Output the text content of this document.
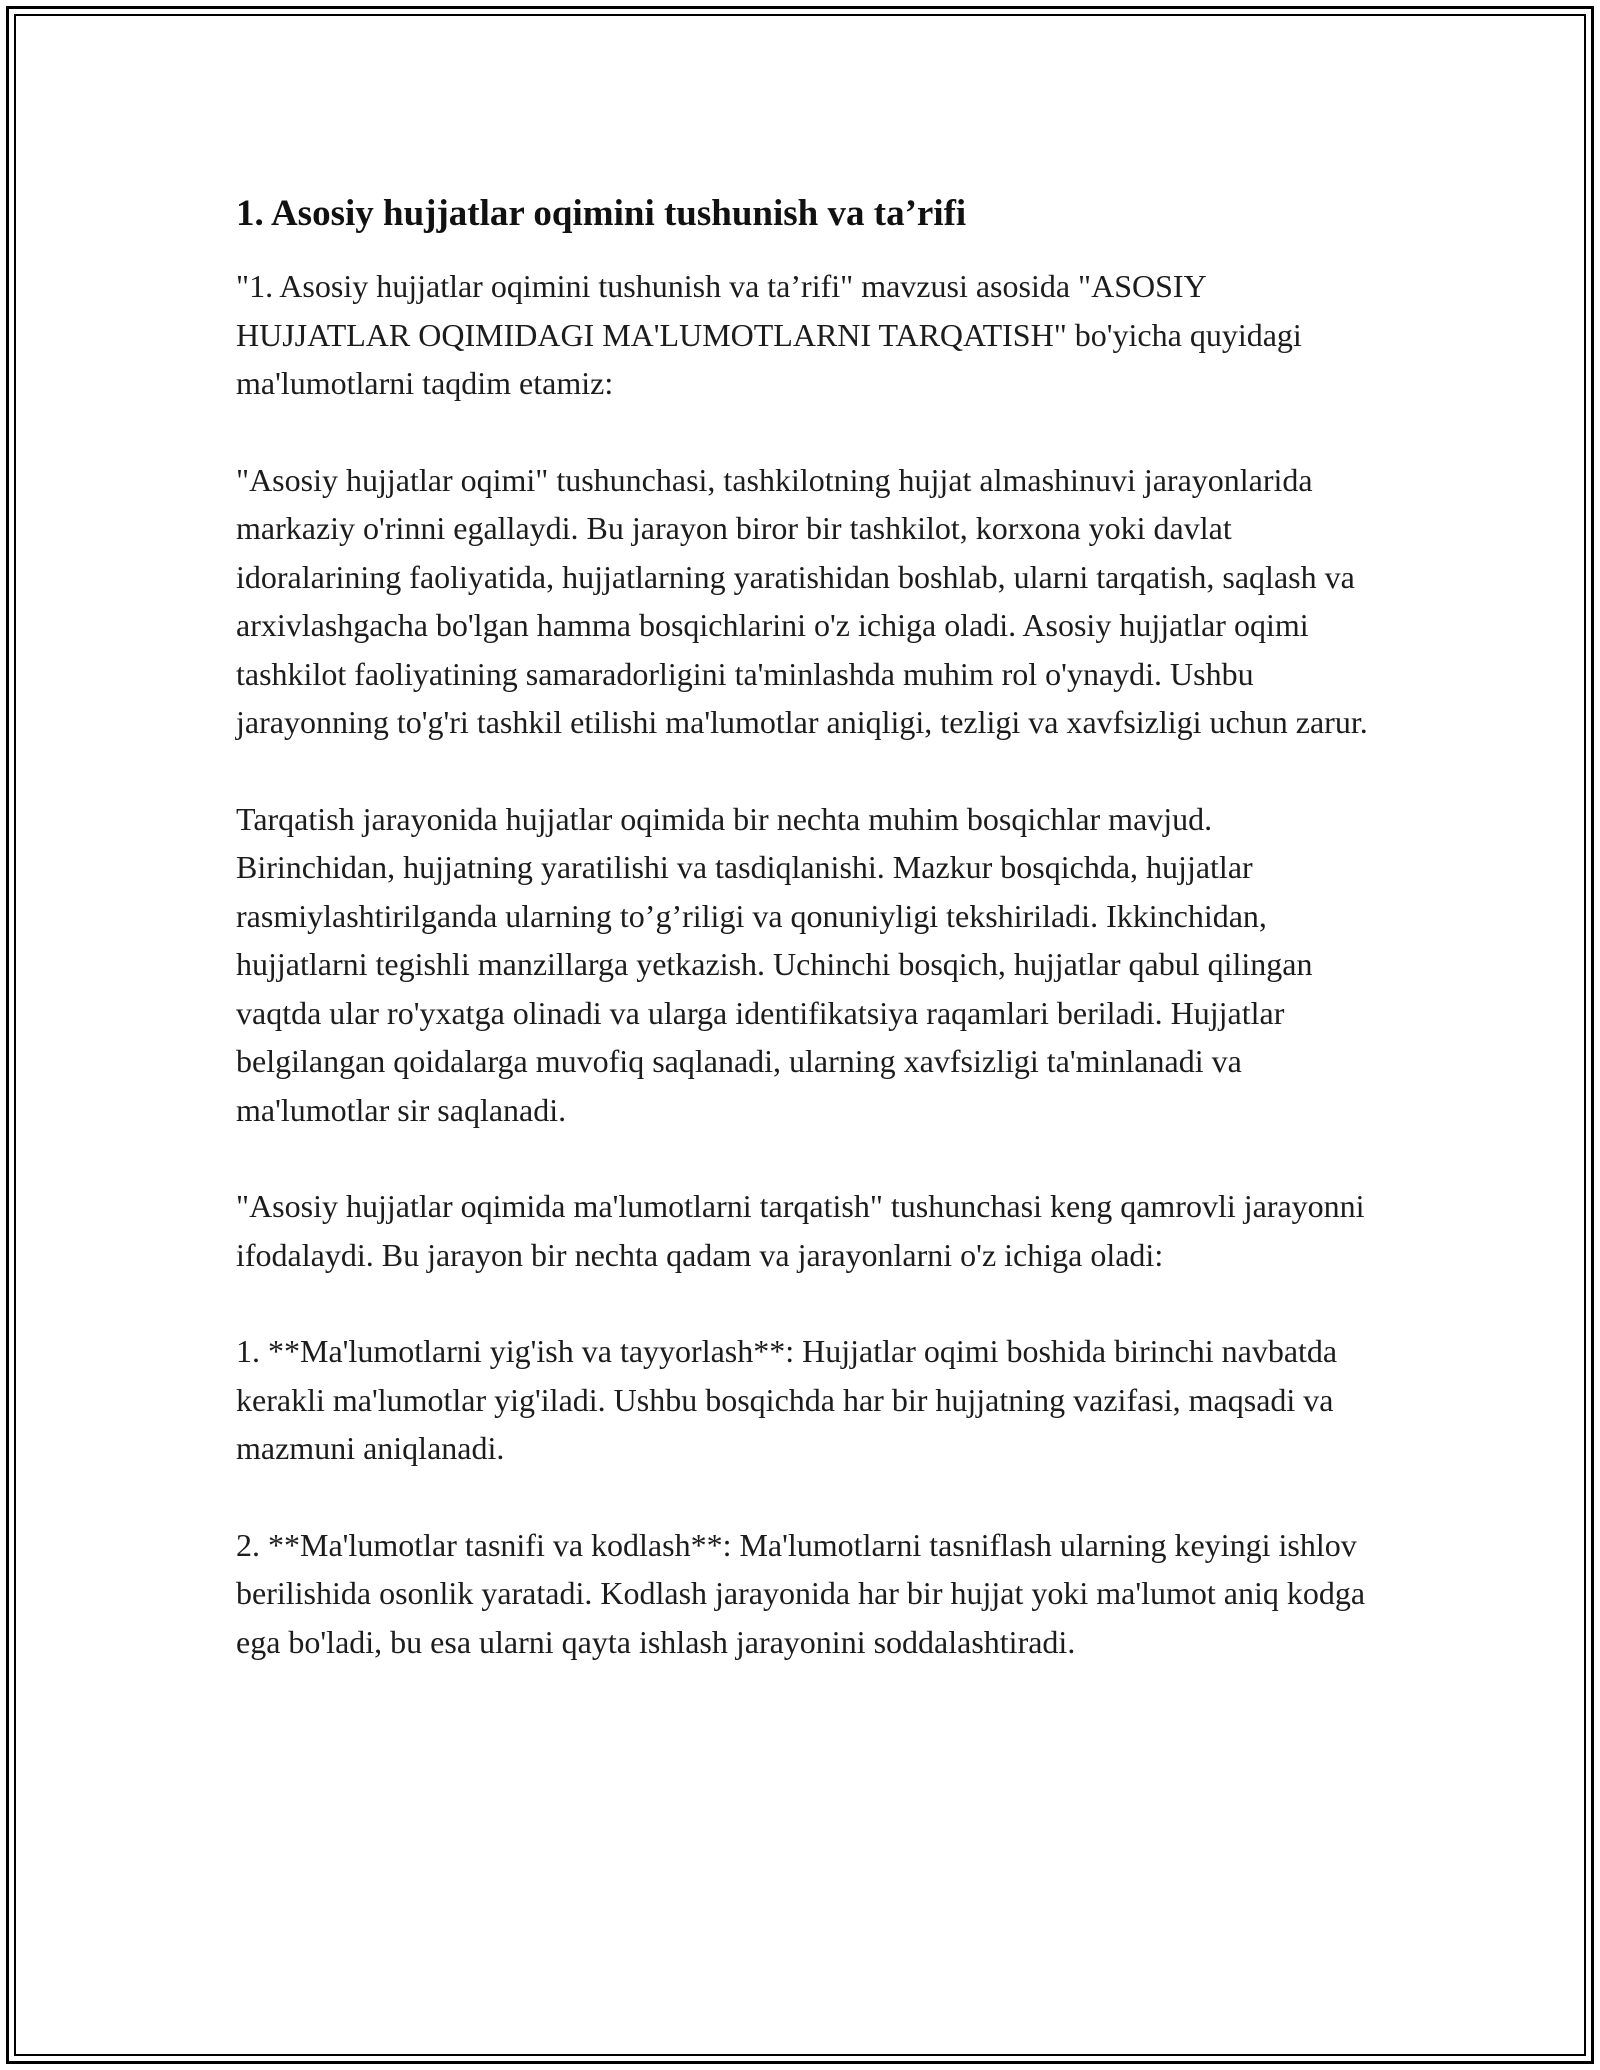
1. Asosiy hujjatlar oqimini tushunish va ta’rifi

"1. Asosiy hujjatlar oqimini tushunish va ta’rifi" mavzusi asosida "ASOSIY HUJJATLAR OQIMIDAGI MA'LUMOTLARNI TARQATISH" bo'yicha quyidagi ma'lumotlarni taqdim etamiz:

"Asosiy hujjatlar oqimi" tushunchasi, tashkilotning hujjat almashinuvi jarayonlarida markaziy o'rinni egallaydi. Bu jarayon biror bir tashkilot, korxona yoki davlat idoralarining faoliyatida, hujjatlarning yaratishidan boshlab, ularni tarqatish, saqlash va arxivlashgacha bo'lgan hamma bosqichlarini o'z ichiga oladi. Asosiy hujjatlar oqimi tashkilot faoliyatining samaradorligini ta'minlashda muhim rol o'ynaydi. Ushbu jarayonning to'g'ri tashkil etilishi ma'lumotlar aniqligi, tezligi va xavfsizligi uchun zarur.

Tarqatish jarayonida hujjatlar oqimida bir nechta muhim bosqichlar mavjud. Birinchidan, hujjatning yaratilishi va tasdiqlanishi. Mazkur bosqichda, hujjatlar rasmiylashtirilganda ularning to’g’riligi va qonuniyligi tekshiriladi. Ikkinchidan, hujjatlarni tegishli manzillarga yetkazish. Uchinchi bosqich, hujjatlar qabul qilingan vaqtda ular ro'yxatga olinadi va ularga identifikatsiya raqamlari beriladi. Hujjatlar belgilangan qoidalarga muvofiq saqlanadi, ularning xavfsizligi ta'minlanadi va ma'lumotlar sir saqlanadi.

"Asosiy hujjatlar oqimida ma'lumotlarni tarqatish" tushunchasi keng qamrovli jarayonni ifodalaydi. Bu jarayon bir nechta qadam va jarayonlarni o'z ichiga oladi:

1. **Ma'lumotlarni yig'ish va tayyorlash**: Hujjatlar oqimi boshida birinchi navbatda kerakli ma'lumotlar yig'iladi. Ushbu bosqichda har bir hujjatning vazifasi, maqsadi va mazmuni aniqlanadi.

2. **Ma'lumotlar tasnifi va kodlash**: Ma'lumotlarni tasniflash ularning keyingi ishlov berilishida osonlik yaratadi. Kodlash jarayonida har bir hujjat yoki ma'lumot aniq kodga ega bo'ladi, bu esa ularni qayta ishlash jarayonini soddalashtiradi.
